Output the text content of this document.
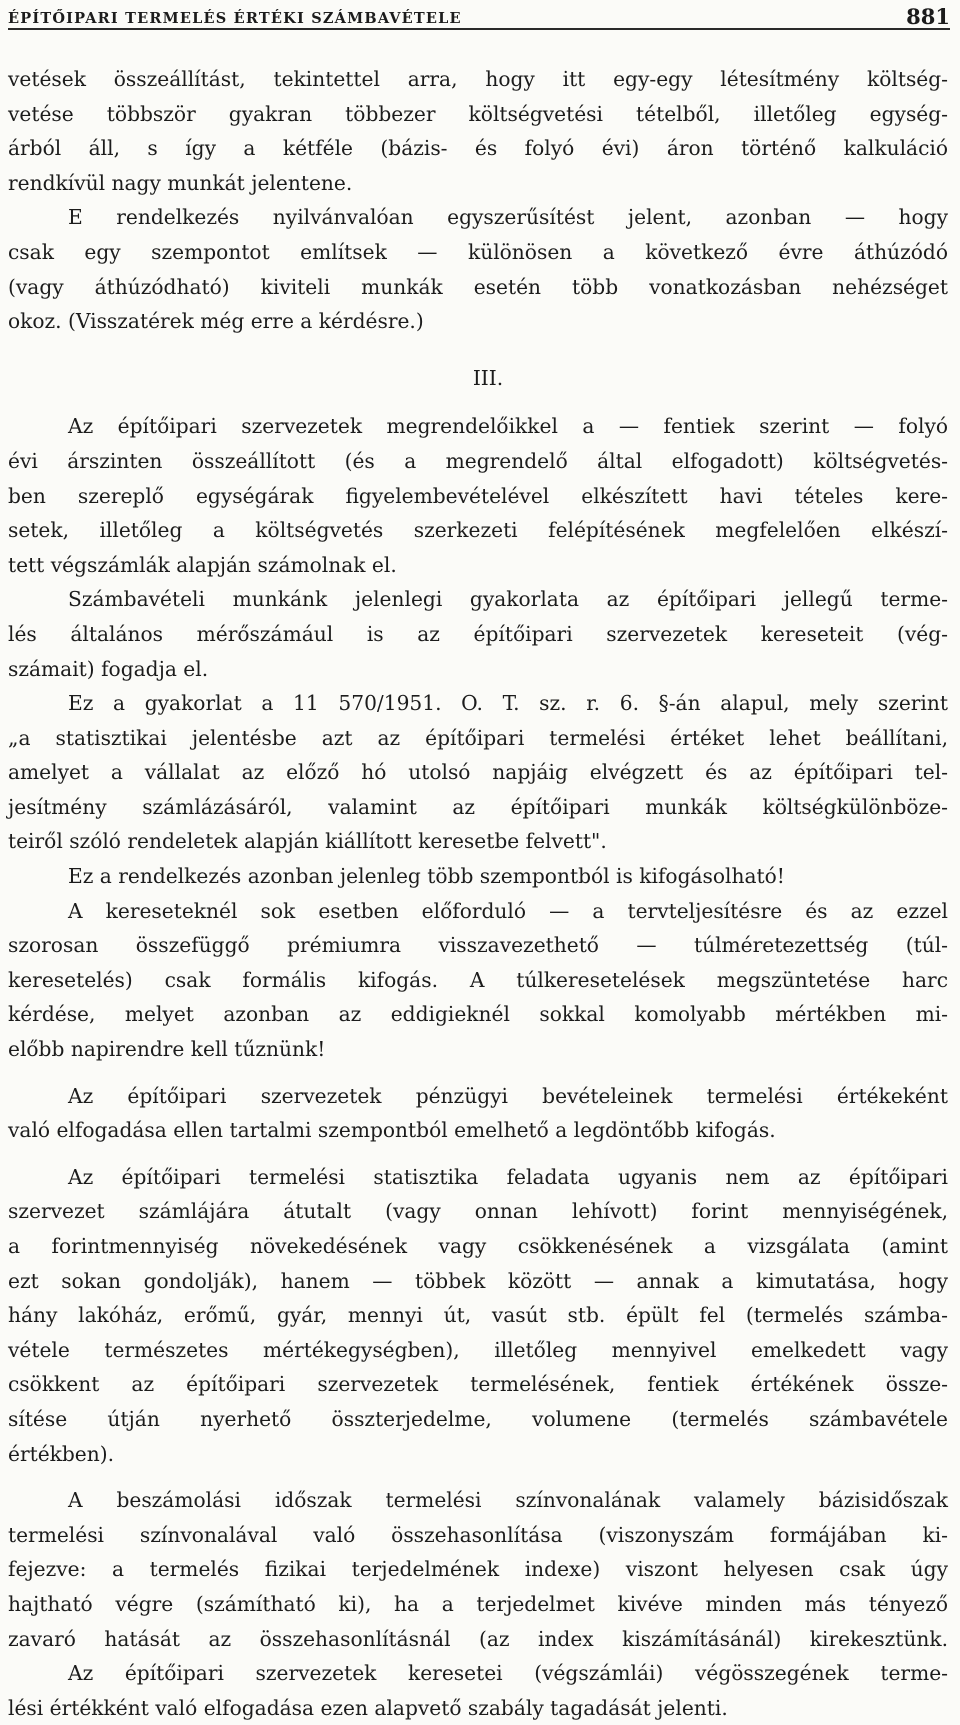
ÉPÍTŐIPARI TERMELÉS ÉRTÉKI SZÁMBAVÉTELE	881
vetések összeállítást, tekintettel arra, hogy itt egy-egy létesítmény költség-
vetése többször gyakran többezer költségvetési tételből, illetőleg egység-
árból áll, s így a kétféle (bázis- és folyó évi) áron történő kalkuláció
rendkívül nagy munkát jelentene.
E rendelkezés nyilvánvalóan egyszerűsítést jelent, azonban — hogy
csak egy szempontot említsek — különösen a következő évre áthúzódó
(vagy áthúzódható) kiviteli munkák esetén több vonatkozásban nehézséget
okoz. (Visszatérek még erre a kérdésre.)
III.
Az építőipari szervezetek megrendelőikkel a — fentiek szerint — folyó
évi árszinten összeállított (és a megrendelő által elfogadott) költségvetés-
ben szereplő egységárak figyelembevételével elkészített havi tételes kere-
setek, illetőleg a költségvetés szerkezeti felépítésének megfelelően elkészí-
tett végszámlák alapján számolnak el.
Számbavételi munkánk jelenlegi gyakorlata az építőipari jellegű terme-
lés általános mérőszámául is az építőipari szervezetek kereseteit (vég-
számait) fogadja el.
Ez a gyakorlat a 11 570/1951. O. T. sz. r. 6. §-án alapul, mely szerint
„a statisztikai jelentésbe azt az építőipari termelési értéket lehet beállítani,
amelyet a vállalat az előző hó utolsó napjáig elvégzett és az építőipari tel-
jesítmény számlázásáról, valamint az építőipari munkák költségkülönböze-
teiről szóló rendeletek alapján kiállított keresetbe felvett".
Ez a rendelkezés azonban jelenleg több szempontból is kifogásolható!
A keresetеknél sok esetben előforduló — a tervteljesítésre és az ezzel
szorosan összefüggő prémiumra visszavezethető — túlméretezettség (túl-
keresetelés) csak formális kifogás. A túlkeresetelések megszüntetése harc
kérdése, melyet azonban az eddigieknél sokkal komolyabb mértékben mi-
előbb napirendre kell tűznünk!
Az építőipari szervezetek pénzügyi bevételeinek termelési értékeként
való elfogadása ellen tartalmi szempontból emelhető a legdöntőbb kifogás.
Az építőipari termelési statisztika feladata ugyanis nem az építőipari
szervezet számlájára átutalt (vagy onnan lehívott) forint mennyiségének,
a forintmennyiség növekedésének vagy csökkenésének a vizsgálata (amint
ezt sokan gondolják), hanem — többek között — annak a kimutatása, hogy
hány lakóház, erőmű, gyár, mennyi út, vasút stb. épült fel (termelés számba-
vétele természetes mértékegységben), illetőleg mennyivel emelkedett vagy
csökkent az építőipari szervezetek termelésének, fentiek értékének össze-
sítése útján nyerhető összterjedelme, volumene (termelés számbavétele
értékben).
A beszámolási időszak termelési színvonalának valamely bázisidőszak
termelési színvonalával való összehasonlítása (viszonyszám formájában ki-
fejezve: a termelés fizikai terjedelmének indexe) viszont helyesen csak úgy
hajtható végre (számítható ki), ha a terjedelmet kivéve minden más tényező
zavaró hatását az összehasonlításnál (az index kiszámításánál) kirekesztünk.
Az építőipari szervezetek keresetei (végszámlái) végösszegének terme-
lési értékként való elfogadása ezen alapvető szabály tagadását jelenti.
